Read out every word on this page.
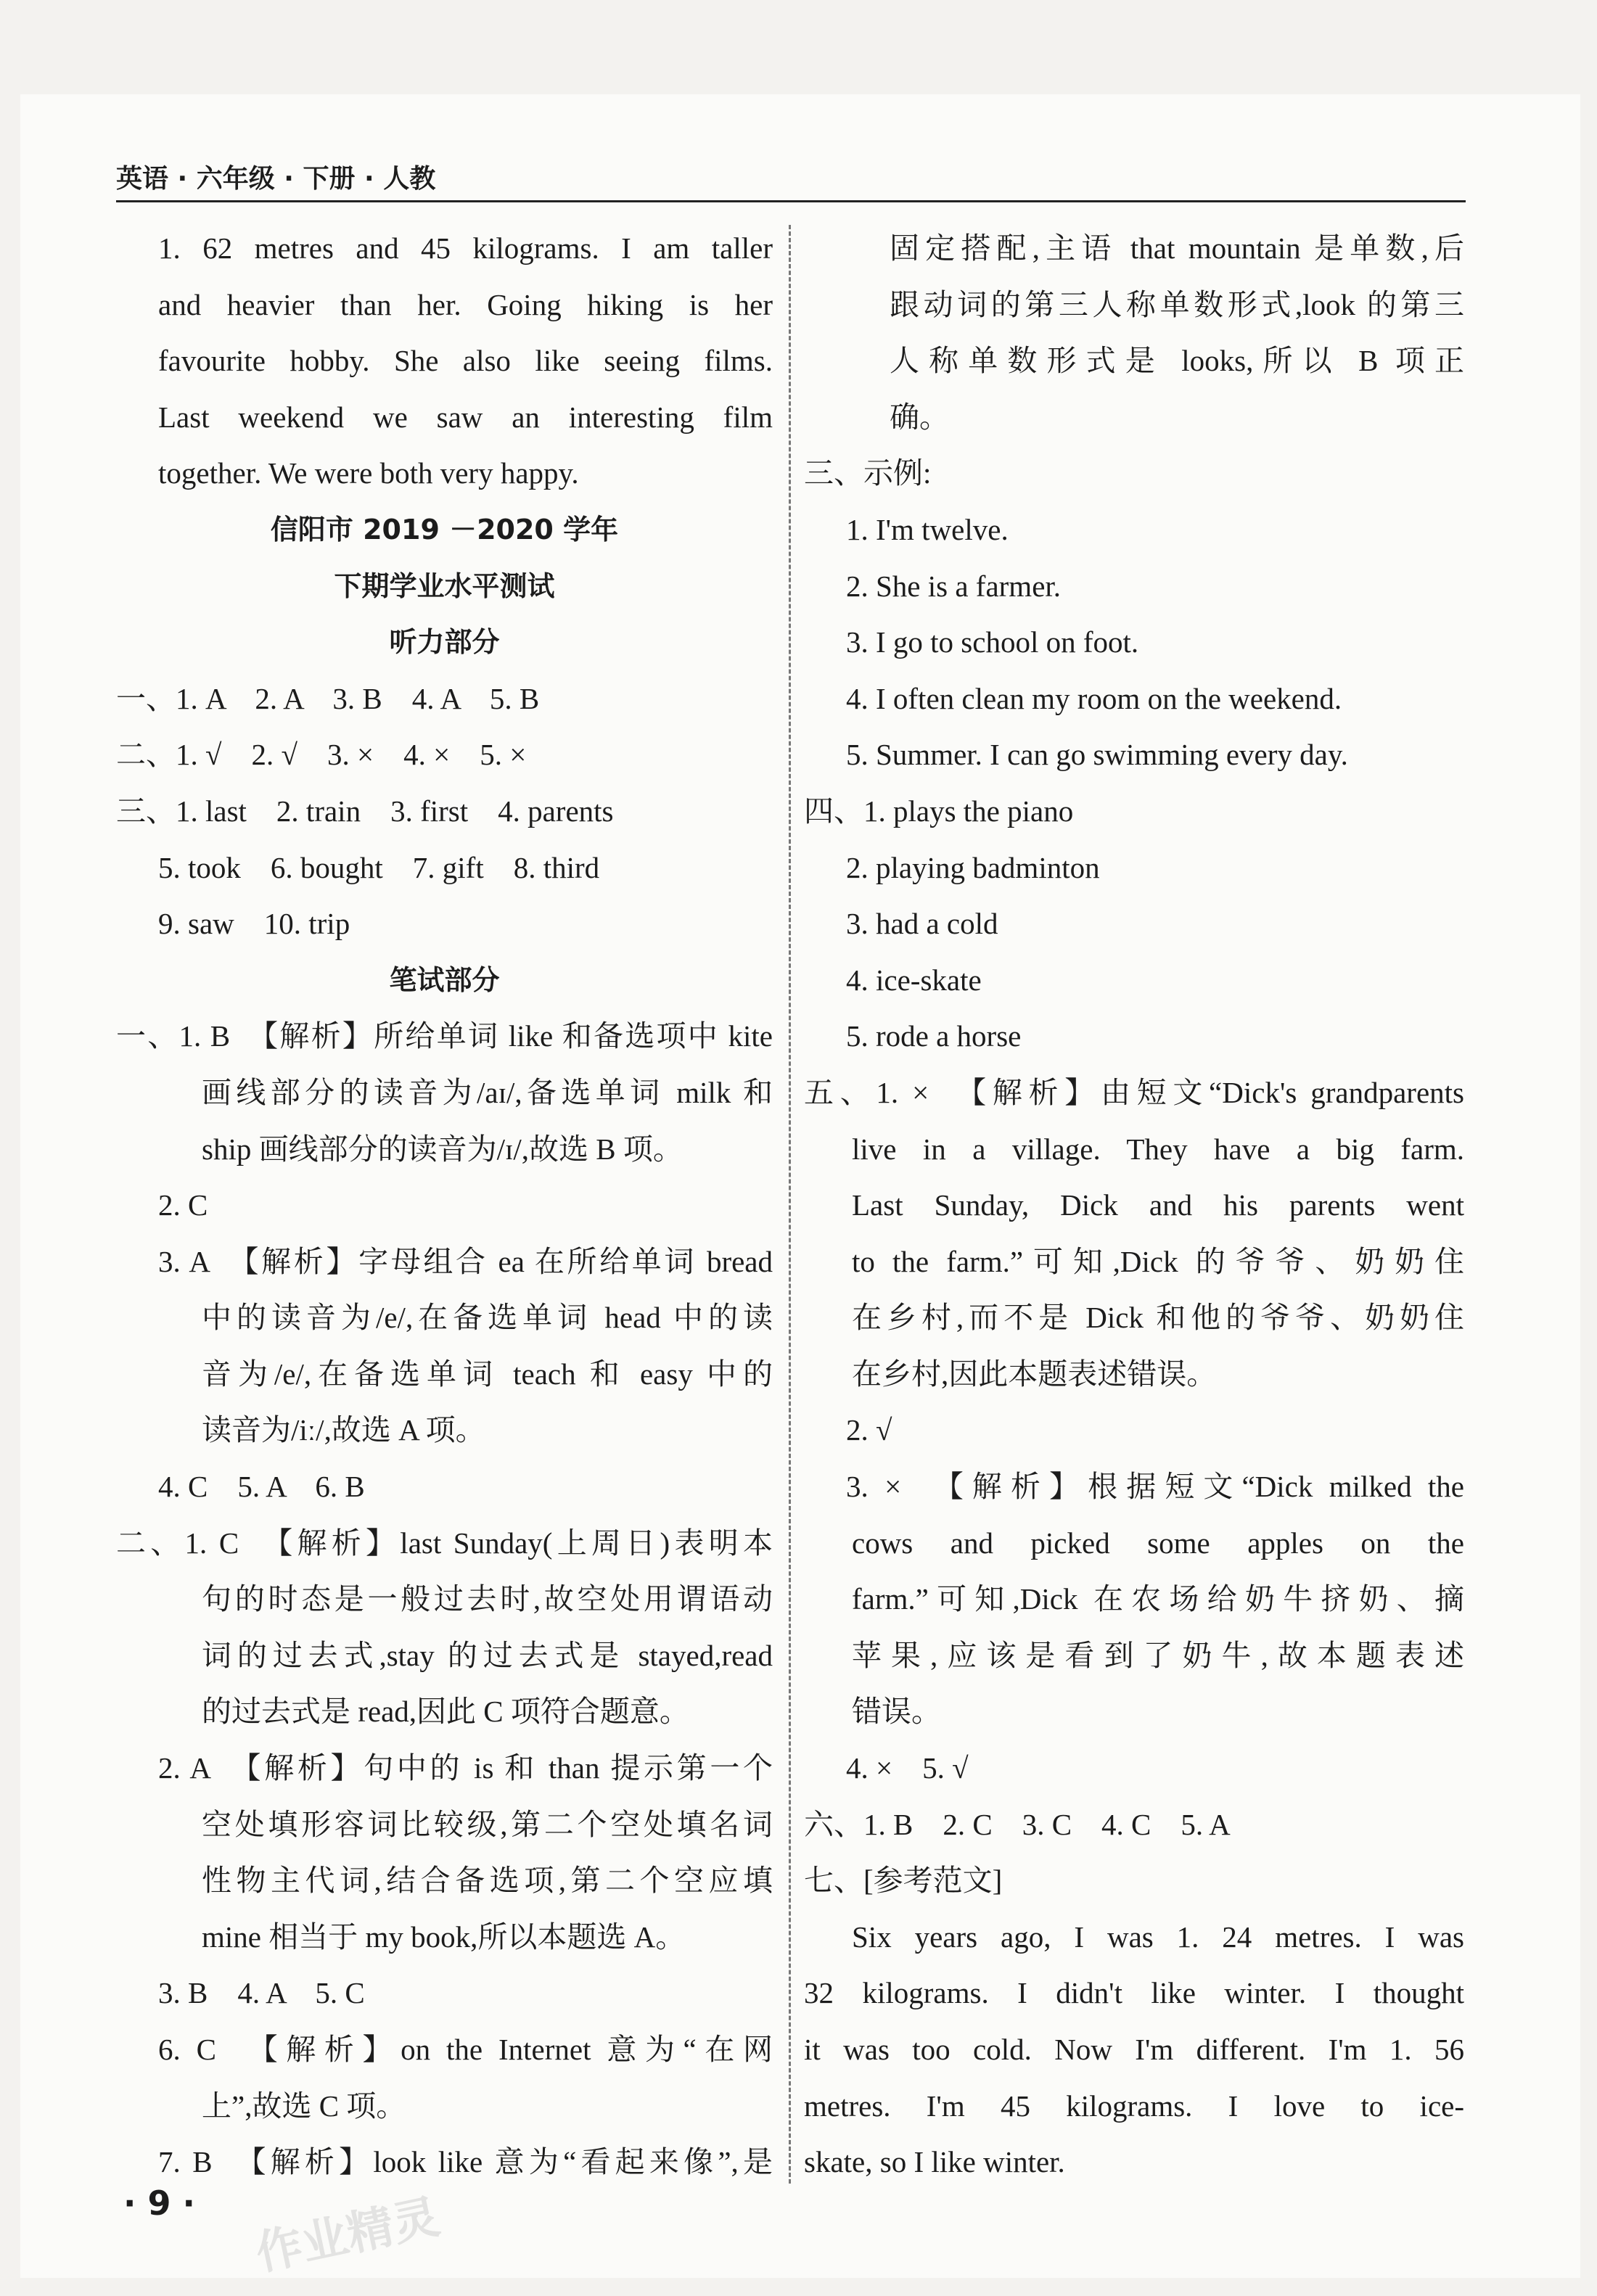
英语 · 六年级 · 下册 · 人教
1. 62 metres and 45 kilograms. I am taller
and heavier than her. Going hiking is her
favourite hobby. She also like seeing films.
Last weekend we saw an interesting film
together. We were both very happy.
信阳市 2019 －2020 学年
下期学业水平测试
听力部分
一、1. A　2. A　3. B　4. A　5. B
二、1. √　2. √　3. ×　4. ×　5. ×
三、1. last　2. train　3. first　4. parents
5. took　6. bought　7. gift　8. third
9. saw　10. trip
笔试部分
一、1. B　【解析】所给单词 like 和备选项中 kite
画线部分的读音为/aɪ/,备选单词 milk 和
ship 画线部分的读音为/ɪ/,故选 B 项。
2. C
3. A　【解析】字母组合 ea 在所给单词 bread
中的读音为/e/,在备选单词 head 中的读
音为/e/,在备选单词 teach 和 easy 中的
读音为/iː/,故选 A 项。
4. C　5. A　6. B
二、1. C　【解析】last Sunday(上周日)表明本
句的时态是一般过去时,故空处用谓语动
词的过去式,stay 的过去式是 stayed,read
的过去式是 read,因此 C 项符合题意。
2. A　【解析】句中的 is 和 than 提示第一个
空处填形容词比较级,第二个空处填名词
性物主代词,结合备选项,第二个空应填
mine 相当于 my book,所以本题选 A。
3. B　4. A　5. C
6. C　【解析】on the Internet 意为“在网
上”,故选 C 项。
7. B　【解析】look like 意为“看起来像”,是
固定搭配,主语 that mountain 是单数,后
跟动词的第三人称单数形式,look 的第三
人称单数形式是 looks,所以 B 项正
确。
三、示例:
1. I'm twelve.
2. She is a farmer.
3. I go to school on foot.
4. I often clean my room on the weekend.
5. Summer. I can go swimming every day.
四、1. plays the piano
2. playing badminton
3. had a cold
4. ice-skate
5. rode a horse
五、1. ×　【解析】由短文“Dick's grandparents
live in a village. They have a big farm.
Last Sunday, Dick and his parents went
to the farm.”可知,Dick 的爷爷、奶奶住
在乡村,而不是 Dick 和他的爷爷、奶奶住
在乡村,因此本题表述错误。
2. √
3. ×　【解析】根据短文“Dick milked the
cows and picked some apples on the
farm.”可知,Dick 在农场给奶牛挤奶、摘
苹果,应该是看到了奶牛,故本题表述
错误。
4. ×　5. √
六、1. B　2. C　3. C　4. C　5. A
七、[参考范文]
Six years ago, I was 1. 24 metres. I was
32 kilograms. I didn't like winter. I thought
it was too cold. Now I'm different. I'm 1. 56
metres. I'm 45 kilograms. I love to ice-
skate, so I like winter.
· 9 · 作业精灵
